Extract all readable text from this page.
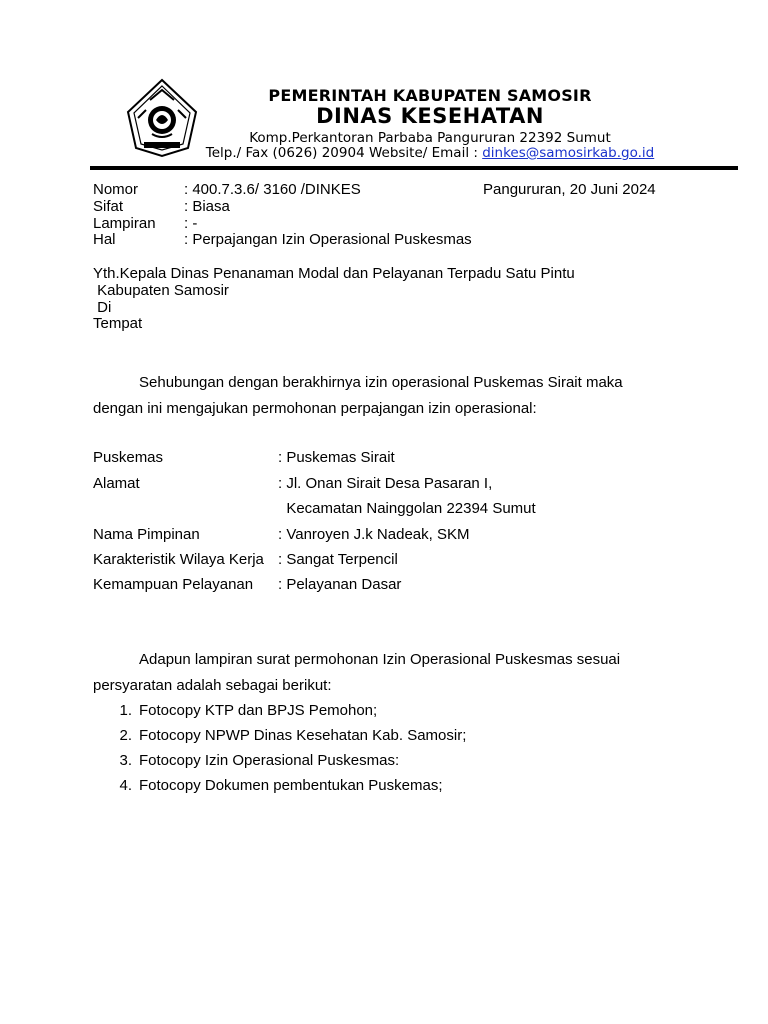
PEMERINTAH KABUPATEN SAMOSIR
DINAS KESEHATAN
Komp.Perkantoran Parbaba Pangururan 22392 Sumut
Telp./ Fax (0626) 20904 Website/ Email : dinkes@samosirkab.go.id
Nomor	: 400.7.3.6/ 3160 /DINKES	Pangururan, 20 Juni 2024
Sifat	: Biasa
Lampiran : -
Hal	: Perpajangan Izin Operasional Puskesmas
Yth.Kepala Dinas Penanaman Modal dan Pelayanan Terpadu Satu Pintu
Kabupaten Samosir
Di
Tempat
Sehubungan dengan berakhirnya izin operasional Puskemas Sirait maka
dengan ini mengajukan permohonan perpajangan izin operasional:
Puskemas	: Puskemas Sirait
Alamat	: Jl. Onan Sirait Desa Pasaran I,
Kecamatan Nainggolan 22394 Sumut
Nama Pimpinan	: Vanroyen J.k Nadeak, SKM
Karakteristik Wilaya Kerja : Sangat Terpencil
Kemampuan Pelayanan : Pelayanan Dasar
Adapun lampiran surat permohonan Izin Operasional Puskesmas sesuai
persyaratan adalah sebagai berikut:
1. Fotocopy KTP dan BPJS Pemohon;
2. Fotocopy NPWP Dinas Kesehatan Kab. Samosir;
3. Fotocopy Izin Operasional Puskesmas:
4. Fotocopy Dokumen pembentukan Puskemas;
